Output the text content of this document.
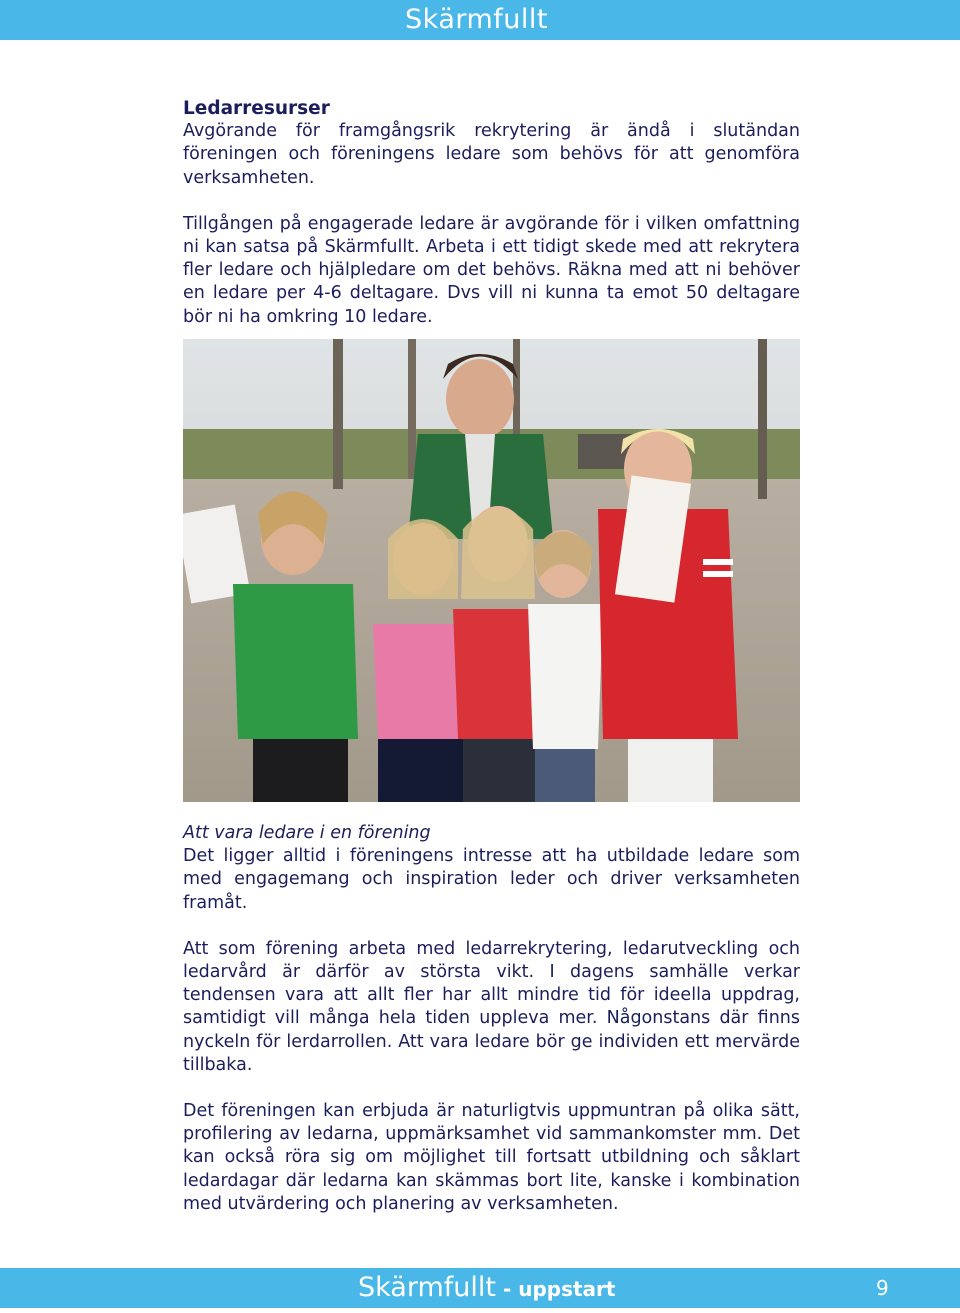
Skärmfullt

Ledarresurser

Avgörande för framgångsrik rekrytering är ändå i slutändan föreningen och föreningens ledare som behövs för att genomföra verksamheten.

Tillgången på engagerade ledare är avgörande för i vilken omfattning ni kan satsa på Skärmfullt. Arbeta i ett tidigt skede med att rekrytera fler ledare och hjälpledare om det behövs. Räkna med att ni behöver en ledare per 4-6 deltagare. Dvs vill ni kunna ta emot 50 deltagare bör ni ha omkring 10 ledare.

Att vara ledare i en förening

Det ligger alltid i föreningens intresse att ha utbildade ledare som med engagemang och inspiration leder och driver verksamheten framåt.

Att som förening arbeta med ledarrekrytering, ledarutveckling och ledarvård är därför av största vikt. I dagens samhälle verkar tendensen vara att allt fler har allt mindre tid för ideella uppdrag, samtidigt vill många hela tiden uppleva mer. Någonstans där finns nyckeln för lerdarrollen. Att vara ledare bör ge individen ett mervärde tillbaka.

Det föreningen kan erbjuda är naturligtvis uppmuntran på olika sätt, profilering av ledarna, uppmärksamhet vid sammankomster mm. Det kan också röra sig om möjlighet till fortsatt utbildning och såklart ledardagar där ledarna kan skämmas bort lite, kanske i kombination med utvärdering och planering av verksamheten.

Skärmfullt - uppstart	9
